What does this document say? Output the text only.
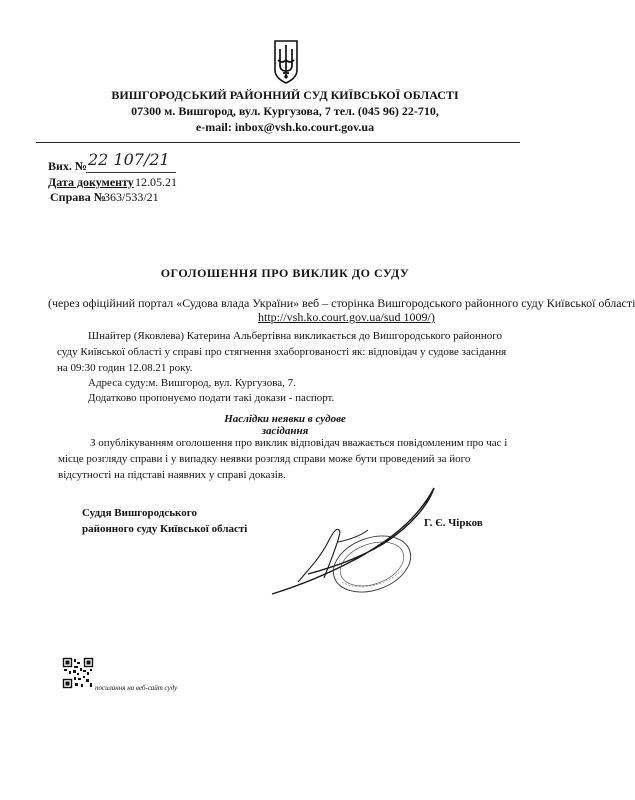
ВИШГОРОДСЬКИЙ РАЙОННИЙ СУД КИЇВСЬКОЇ ОБЛАСТІ
07300 м. Вишгород, вул. Кургузова, 7 тел. (045 96) 22-710,
e-mail: inbox@vsh.ko.court.gov.ua
Вих. № 22 107/21
Дата документу 12.05.21
Справа №
363/533/21
ОГОЛОШЕННЯ ПРО ВИКЛИК ДО СУДУ
(через офіційний портал «Судова влада України» веб – сторінка Вишгородського районного суду Київської області
http://vsh.ko.court.gov.ua/sud 1009/)
Шнайтер (Яковлева) Катерина Альбертівна викликається до Вишгородського районного
суду Київської області у справі про стягнення зхаборгованості як: відповідач у судове засідання
на 09:30 годин 12.08.21 року.
Адреса суду:м. Вишгород, вул. Кургузова, 7.
Додатково пропонуємо подати такі докази - паспорт.
Наслідки неявки в судове засідання
З опублікуванням оголошення про виклик відповідач вважається повідомленим про час і
місце розгляду справи і у випадку неявки розгляд справи може бути проведений за його
відсутності на підставі наявних у справі доказів.
Суддя Вишгородського
районного суду Київської області	Г. Є. Чірков
посилання на веб-сайт суду
